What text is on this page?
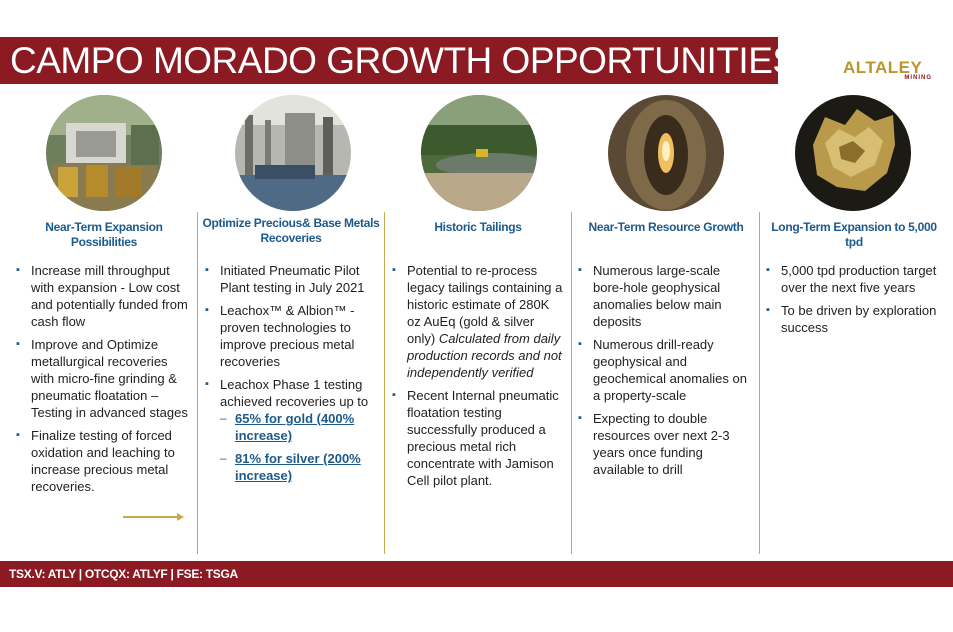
CAMPO MORADO GROWTH OPPORTUNITIES	ALTALEY
MINING
Near-Term Expansion Possibilities
▪ Increase mill throughput with expansion - Low cost and potentially funded from cash flow
▪ Improve and Optimize metallurgical recoveries with micro-fine grinding & pneumatic floatation – Testing in advanced stages
▪ Finalize testing of forced oxidation and leaching to increase precious metal recoveries.
Optimize Precious& Base Metals Recoveries
▪ Initiated Pneumatic Pilot Plant testing in July 2021
▪ Leachox™ & Albion™ - proven technologies to improve precious metal recoveries
▪ Leachox Phase 1 testing achieved recoveries up to
– 65% for gold (400% increase)
– 81% for silver (200% increase)
Historic Tailings
▪ Potential to re-process legacy tailings containing a historic estimate of 280K oz AuEq (gold & silver only) Calculated from daily production records and not independently verified
▪ Recent Internal pneumatic floatation testing successfully produced a precious metal rich concentrate with Jamison Cell pilot plant.
Near-Term Resource Growth
▪ Numerous large-scale bore-hole geophysical anomalies below main deposits
▪ Numerous drill-ready geophysical and geochemical anomalies on a property-scale
▪ Expecting to double resources over next 2-3 years once funding available to drill
Long-Term Expansion to 5,000 tpd
▪ 5,000 tpd production target over the next five years
▪ To be driven by exploration success
TSX.V: ATLY | OTCQX: ATLYF | FSE: TSGA
